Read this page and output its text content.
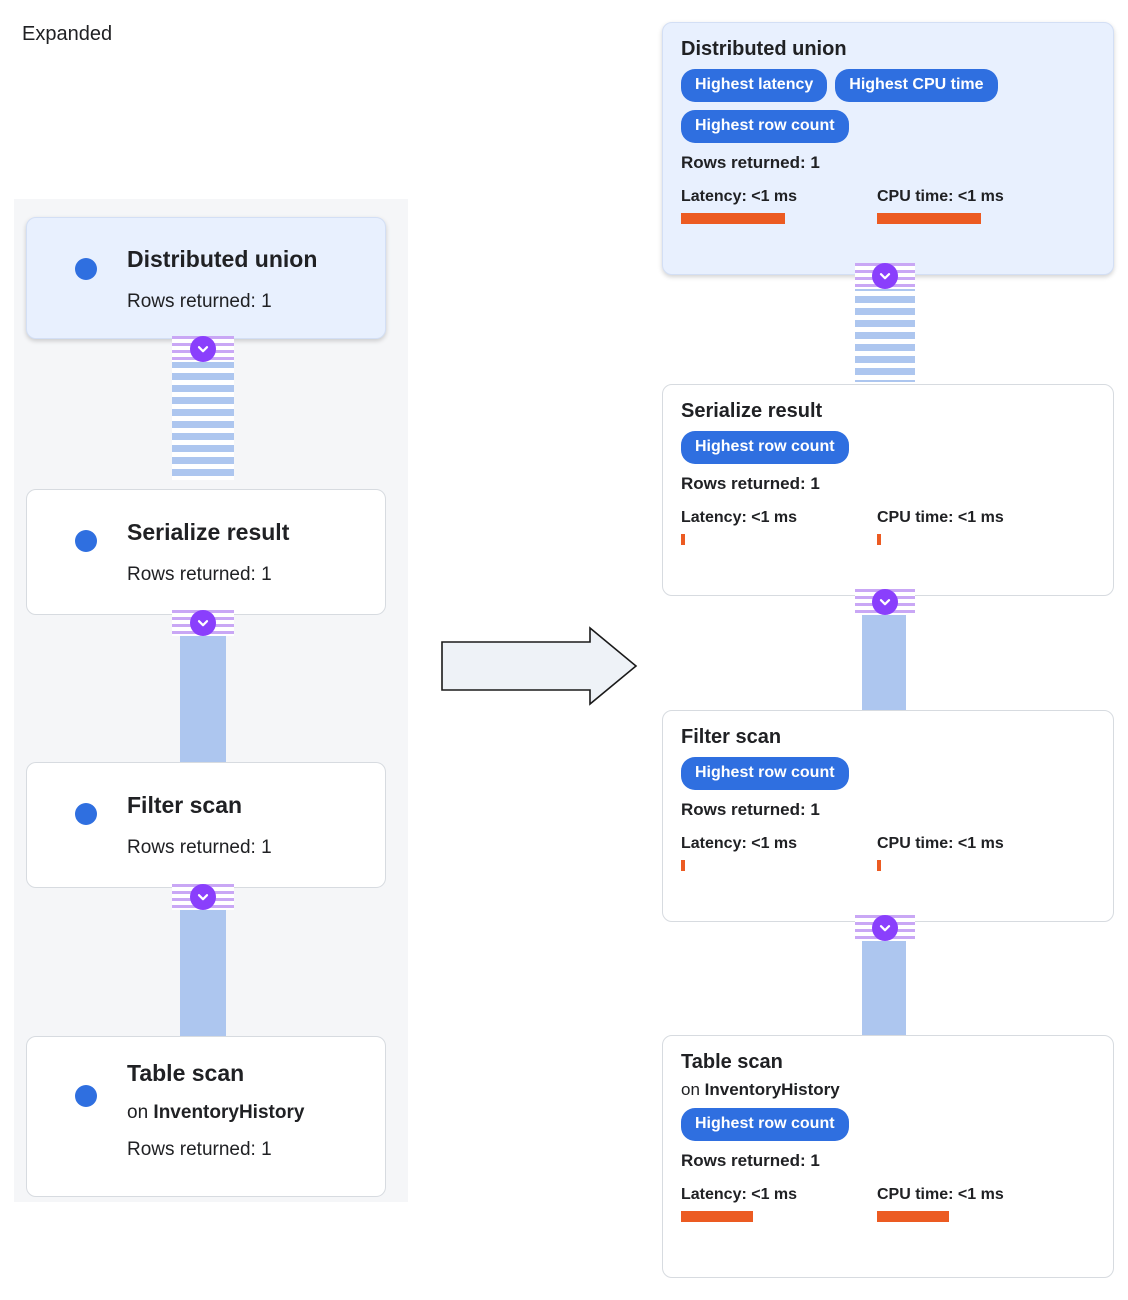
Distributed union
Rows returned: 1
Serialize result
Rows returned: 1
Filter scan
Rows returned: 1
Table scan
on InventoryHistory
Rows returned: 1
Expanded
Distributed union
Highest latency	Highest CPU time
Highest row count
Rows returned: 1
Latency: <1 ms	CPU time: <1 ms
Serialize result
Highest row count
Rows returned: 1
Latency: <1 ms	CPU time: <1 ms
Filter scan
Highest row count
Rows returned: 1
Latency: <1 ms	CPU time: <1 ms
Table scan
on InventoryHistory
Highest row count
Rows returned: 1
Latency: <1 ms	CPU time: <1 ms
